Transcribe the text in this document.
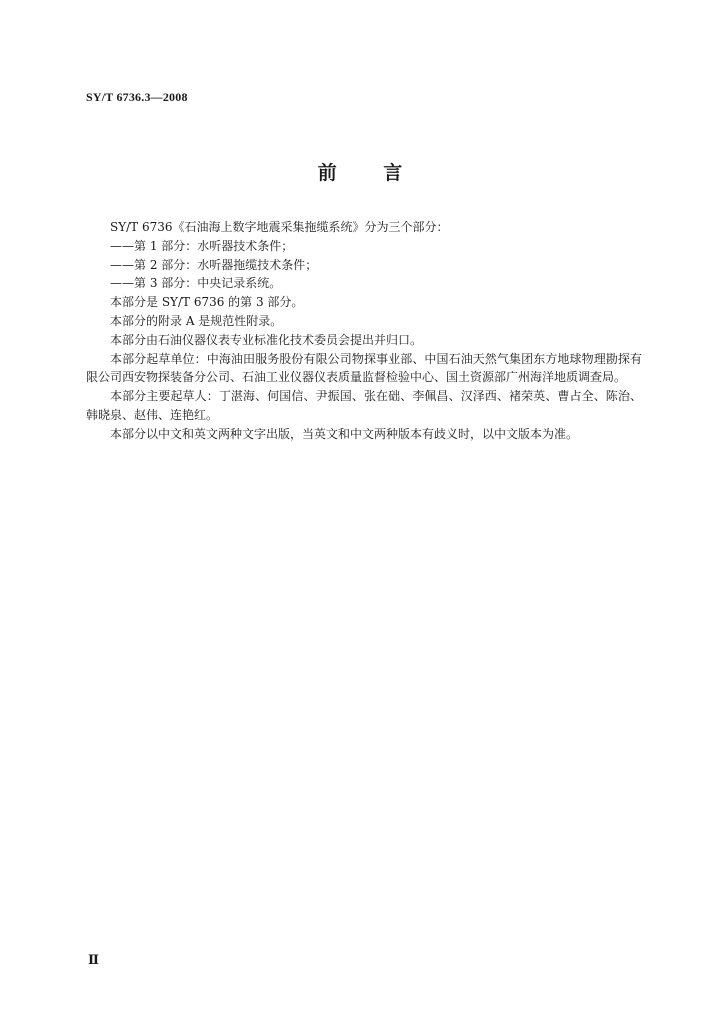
SY/T 6736.3—2008
前 言

SY/T 6736《石油海上数字地震采集拖缆系统》分为三个部分：

——第 1 部分：水听器技术条件；

——第 2 部分：水听器拖缆技术条件；

——第 3 部分：中央记录系统。

本部分是 SY/T 6736 的第 3 部分。

本部分的附录 A 是规范性附录。

本部分由石油仪器仪表专业标准化技术委员会提出并归口。

本部分起草单位：中海油田服务股份有限公司物探事业部、中国石油天然气集团东方地球物理勘探有限公司西安物探装备分公司、石油工业仪器仪表质量监督检验中心、国土资源部广州海洋地质调查局。

本部分主要起草人：丁湛海、何国信、尹振国、张在础、李佩昌、汉泽西、褚荣英、曹占全、陈治、韩晓泉、赵伟、连艳红。

本部分以中文和英文两种文字出版，当英文和中文两种版本有歧义时，以中文版本为准。

Ⅱ
